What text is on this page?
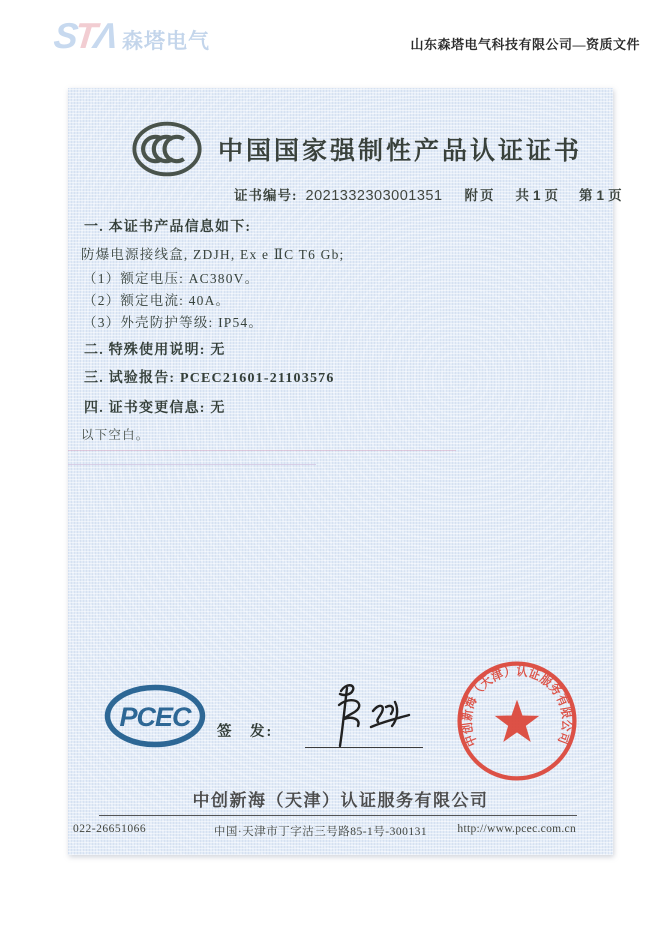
S
T
Λ 森塔电气	山东森塔电气科技有限公司—资质文件
中国国家强制性产品认证证书
证书编号: 2021332303001351 附页 共 1 页 第 1 页
一. 本证书产品信息如下:
防爆电源接线盒, ZDJH, Ex e ⅡC T6 Gb;
（1）额定电压: AC380V。
（2）额定电流: 40A。
（3）外壳防护等级: IP54。
二. 特殊使用说明: 无
三. 试验报告: PCEC21601-21103576
四. 证书变更信息: 无
以下空白。
PCEC 签　发:	中创新海（天津）认证服务有限公司
中创新海（天津）认证服务有限公司
022-26651066	中国·天津市丁字沽三号路85-1号-300131	http://www.pcec.com.cn
